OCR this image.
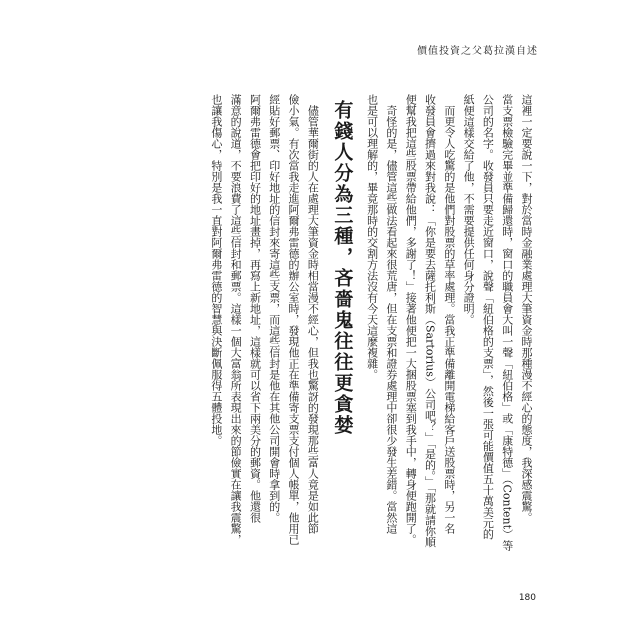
價值投資之父葛拉漢自述

這裡一定要說一下，對於當時金融業處理大筆資金時那種漫不經心的態度，我深感震驚。

當支票檢驗完畢並準備歸還時，窗口的職員會大叫一聲「紐伯格」或「康特德」（Content）等

公司的名字。收發員只要走近窗口，說聲「紐伯格的支票」，然後一張可能價值五十萬美元的

紙便這樣交給了他，不需要提供任何身分證明。

　而更令人吃驚的是他們對股票的草率處理。當我正準備離開電梯給客戶送股票時，另一名

收發員會擠過來對我說：「你是要去薩托利斯（Sartorius）公司吧？」「是的。」「那就請你順

便幫我把這些股票帶給他們，多謝了！」接著他便把一大捆股票塞到我手中，轉身便跑開了。

　奇怪的是，儘管這些做法看起來很荒唐，但在支票和證券處理中卻很少發生差錯。當然這

也是可以理解的，畢竟那時的交割方法沒有今天這麼複雜。

有錢人分為三種，吝嗇鬼往往更貪婪

　儘管華爾街的人在處理大筆資金時相當漫不經心，但我也驚訝的發現那些富人竟是如此節

儉小氣。有次當我走進阿爾弗雷德的辦公室時，發現他正在準備寄支票支付個人帳單，他用已

經貼好郵票、印好地址的信封來寄這些支票，而這些信封是他在其他公司開會時拿到的。

阿爾弗雷德會把印好的地址畫掉，再寫上新地址，這樣就可以省下兩美分的郵資。他還很

滿意的說道，不要浪費了這些信封和郵票。這樣一個大富翁所表現出來的節儉實在讓我震驚，

也讓我傷心，特別是我一直對阿爾弗雷德的智慧與決斷佩服得五體投地。

180
